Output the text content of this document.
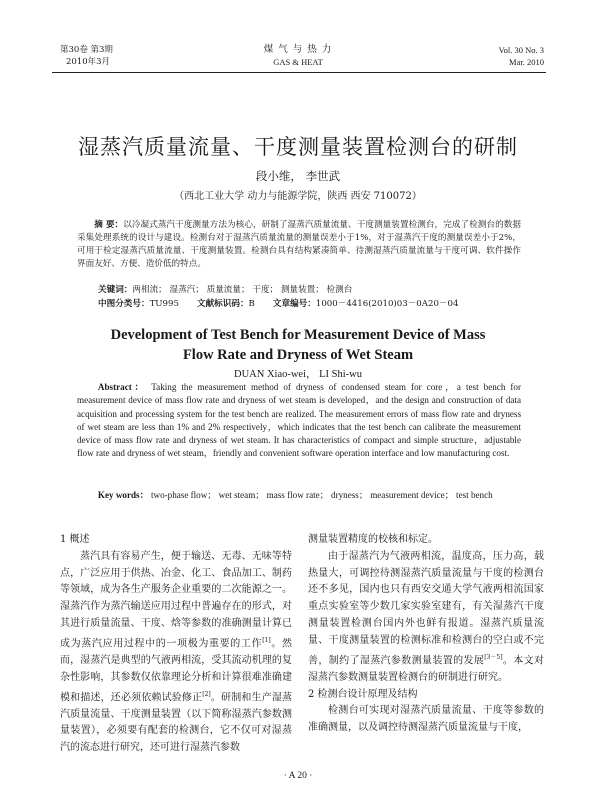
第30卷 第3期
2010年3月
煤 气 与 热 力
GAS & HEAT
Vol. 30 No. 3
Mar. 2010
湿蒸汽质量流量、干度测量装置检测台的研制
段小维， 李世武
（西北工业大学 动力与能源学院，陕西 西安 710072）
摘 要：以冷凝式蒸汽干度测量方法为核心，研制了湿蒸汽质量流量、干度测量装置检测台，完成了检测台的数据采集处理系统的设计与建设。检测台对于湿蒸汽质量流量的测量误差小于1%，对于湿蒸汽干度的测量误差小于2%，可用于检定湿蒸汽质量流量、干度测量装置。检测台具有结构紧凑简单、待测湿蒸汽质量流量与干度可调、软件操作界面友好、方便、造价低的特点。
关键词：两相流； 湿蒸汽； 质量流量； 干度； 测量装置； 检测台
中图分类号：TU995 文献标识码：B 文章编号：1000－4416(2010)03－0A20－04
Development of Test Bench for Measurement Device of Mass
Flow Rate and Dryness of Wet Steam
DUAN Xiao-wei， LI Shi-wu
Abstract： Taking the measurement method of dryness of condensed steam for core，a test bench for measurement device of mass flow rate and dryness of wet steam is developed，and the design and construction of data acquisition and processing system for the test bench are realized. The measurement errors of mass flow rate and dryness of wet steam are less than 1% and 2% respectively，which indicates that the test bench can calibrate the measurement device of mass flow rate and dryness of wet steam. It has characteristics of compact and simple structure，adjustable flow rate and dryness of wet steam，friendly and convenient software operation interface and low manufacturing cost.
Key words： two-phase flow； wet steam； mass flow rate； dryness； measurement device； test bench
1 概述

蒸汽具有容易产生，便于输送、无毒、无味等特点，广泛应用于供热、冶金、化工、食品加工、制药等领域，成为各生产服务企业重要的二次能源之一。湿蒸汽作为蒸汽输送应用过程中普遍存在的形式，对其进行质量流量、干度、焓等参数的准确测量计算已成为蒸汽应用过程中的一项极为重要的工作[1]。然而，湿蒸汽是典型的气液两相流，受其流动机理的复杂性影响，其参数仅依靠理论分析和计算很难准确建模和描述，还必须依赖试验修正[2]。研制和生产湿蒸汽质量流量、干度测量装置（以下简称湿蒸汽参数测量装置），必须要有配套的检测台，它不仅可对湿蒸汽的流态进行研究，还可进行湿蒸汽参数

测量装置精度的校核和标定。

由于湿蒸汽为气液两相流，温度高，压力高，载热量大，可调控待测湿蒸汽质量流量与干度的检测台还不多见，国内也只有西安交通大学气液两相流国家重点实验室等少数几家实验室建有，有关湿蒸汽干度测量装置检测台国内外也鲜有报道。湿蒸汽质量流量、干度测量装置的检测标准和检测台的空白或不完善，制约了湿蒸汽参数测量装置的发展[3－5]。本文对湿蒸汽参数测量装置检测台的研制进行研究。

2 检测台设计原理及结构

检测台可实现对湿蒸汽质量流量、干度等参数的准确测量，以及调控待测湿蒸汽质量流量与干度，

· A 20 ·
